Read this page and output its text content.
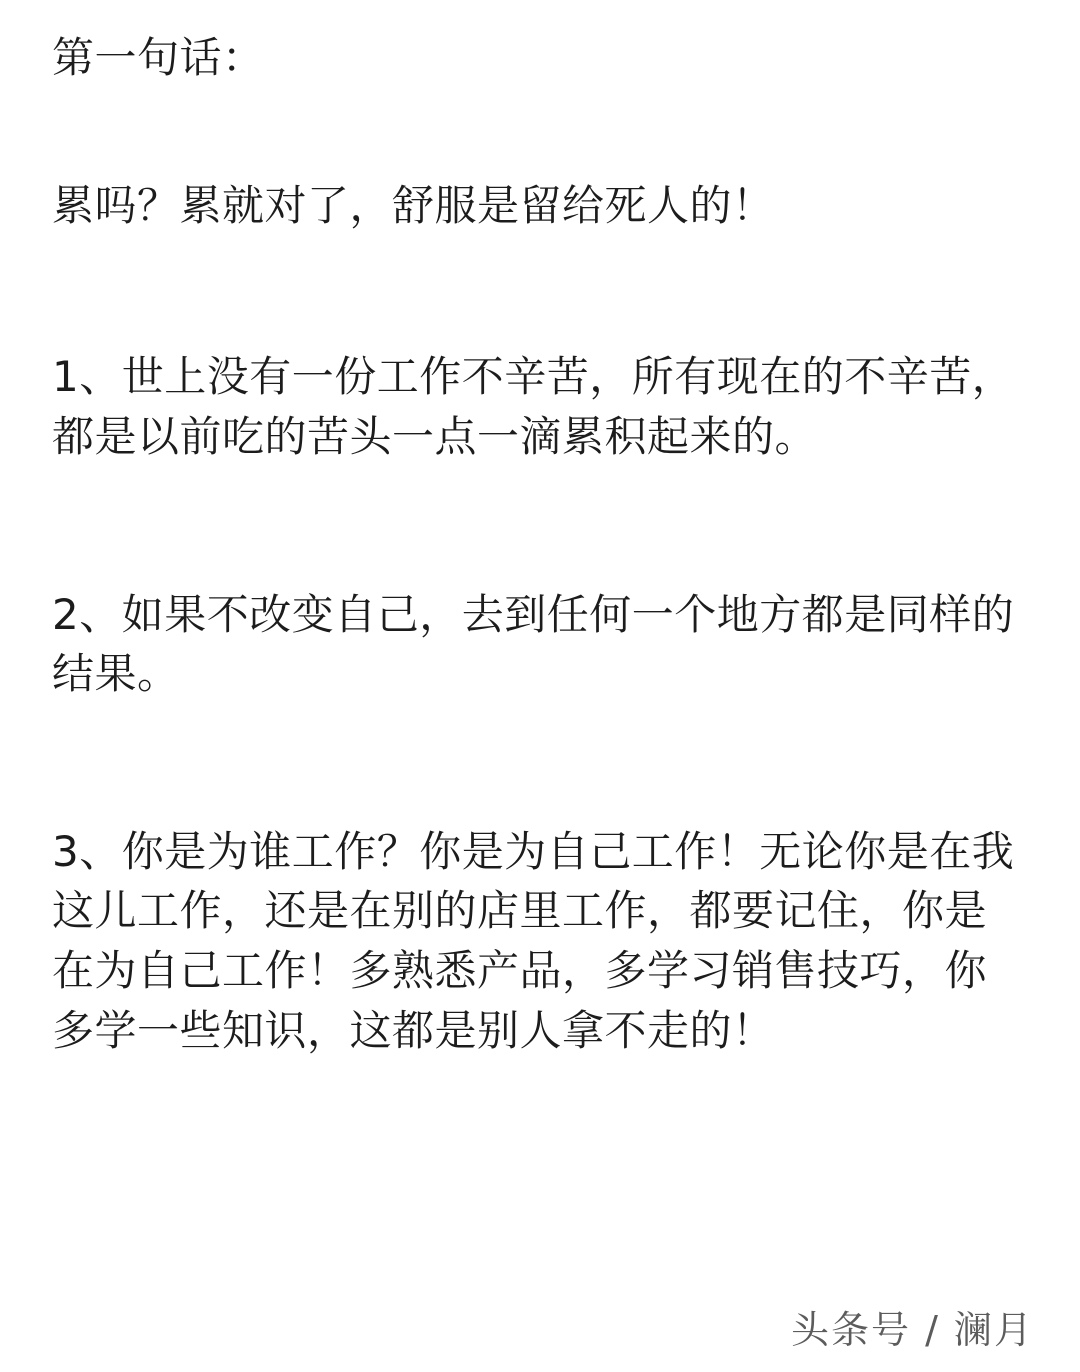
第一句话：

累吗？累就对了，舒服是留给死人的！

1、世上没有一份工作不辛苦，所有现在的不辛苦，都是以前吃的苦头一点一滴累积起来的。

2、如果不改变自己，去到任何一个地方都是同样的结果。

3、你是为谁工作？你是为自己工作！无论你是在我这儿工作，还是在别的店里工作，都要记住，你是在为自己工作！多熟悉产品，多学习销售技巧，你多学一些知识，这都是别人拿不走的！

头条号 / 澜月
